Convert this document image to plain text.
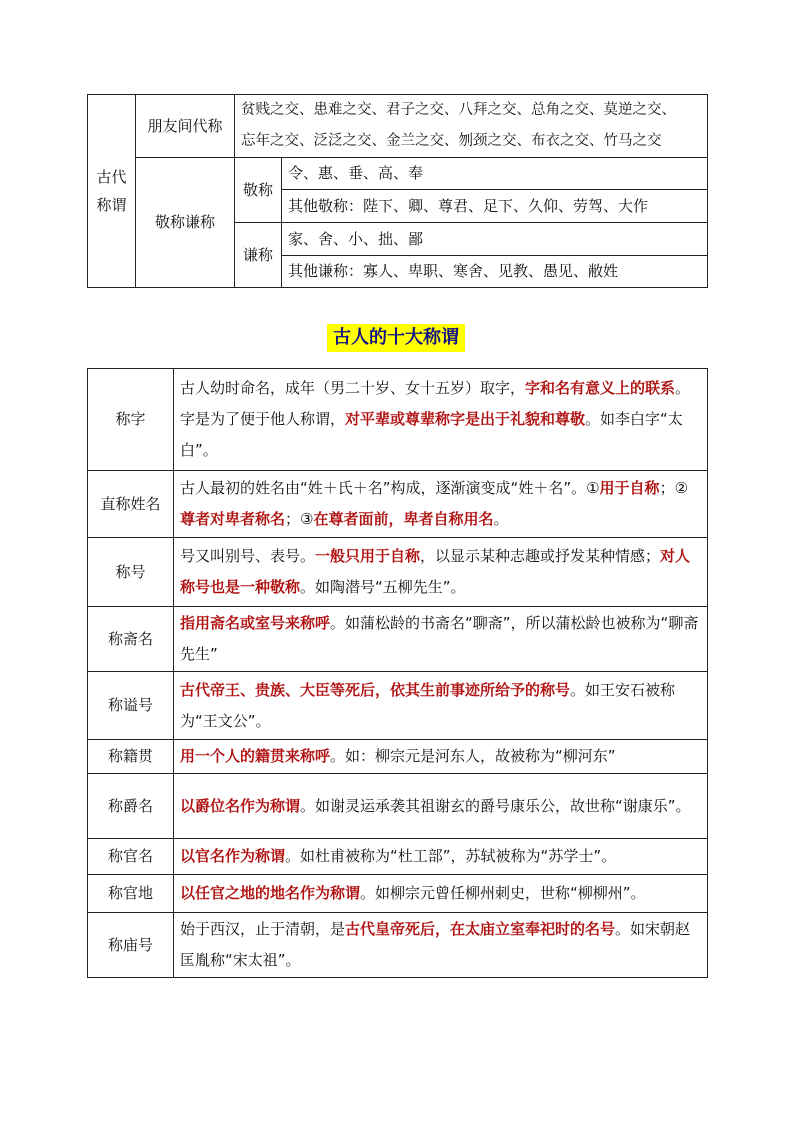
古代称谓	朋友间代称	贫贱之交、患难之交、君子之交、八拜之交、总角之交、莫逆之交、
忘年之交、泛泛之交、金兰之交、刎颈之交、布衣之交、竹马之交	

	敬称谦称	敬称	令、惠、垂、高、奉
			其他敬称：陛下、卿、尊君、足下、久仰、劳驾、大作
		谦称	家、舍、小、拙、鄙
			其他谦称：寡人、卑职、寒舍、见教、愚见、敝姓
古人的十大称谓
称字	古人幼时命名，成年（男二十岁、女十五岁）取字，字和名有意义上的联系。字是为了便于他人称谓，对平辈或尊辈称字是出于礼貌和尊敬。如李白字“太白”。
直称姓名	古人最初的姓名由“姓＋氏＋名”构成，逐渐演变成“姓＋名”。①用于自称；②尊者对卑者称名；③在尊者面前，卑者自称用名。
称号	号又叫别号、表号。一般只用于自称，以显示某种志趣或抒发某种情感；对人称号也是一种敬称。如陶潜号“五柳先生”。
称斋名	指用斋名或室号来称呼。如蒲松龄的书斋名“聊斋”，所以蒲松龄也被称为“聊斋先生”
称谥号	古代帝王、贵族、大臣等死后，依其生前事迹所给予的称号。如王安石被称为“王文公”。
称籍贯	用一个人的籍贯来称呼。如：柳宗元是河东人，故被称为“柳河东”
称爵名	以爵位名作为称谓。如谢灵运承袭其祖谢玄的爵号康乐公，故世称“谢康乐”。
称官名	以官名作为称谓。如杜甫被称为“杜工部”，苏轼被称为“苏学士”。
称官地	以任官之地的地名作为称谓。如柳宗元曾任柳州刺史，世称“柳柳州”。
称庙号	始于西汉，止于清朝，是古代皇帝死后，在太庙立室奉祀时的名号。如宋朝赵匡胤称“宋太祖”。
